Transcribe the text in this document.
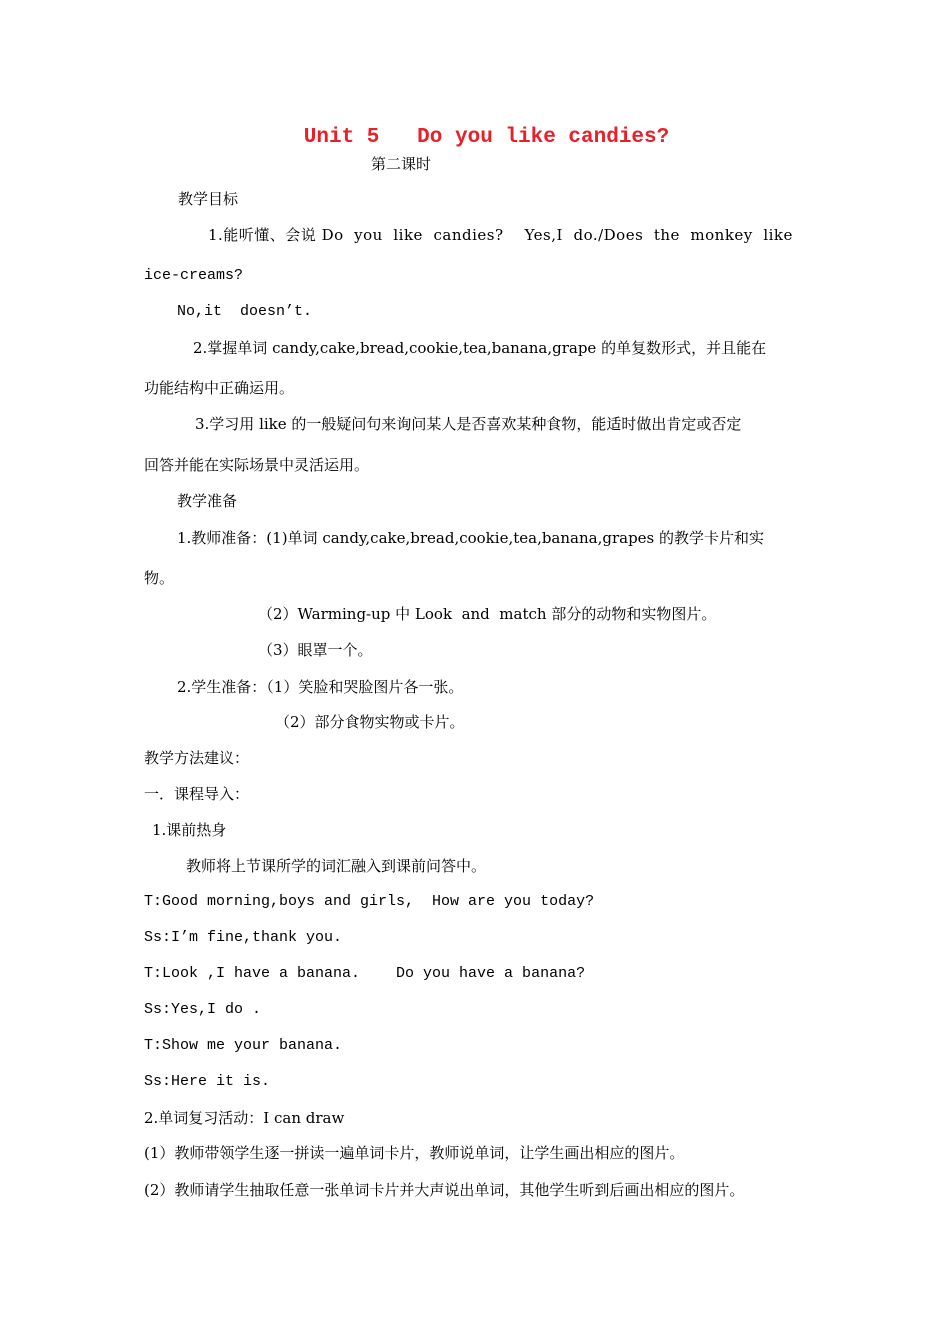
Unit 5   Do you like candies?
第二课时
教学目标
1.能听懂、会说 Do  you  like  candies?    Yes,I  do./Does  the  monkey  like
ice-creams?
No,it  doesn’t.
2.掌握单词 candy,cake,bread,cookie,tea,banana,grape 的单复数形式，并且能在
功能结构中正确运用。
3.学习用 like 的一般疑问句来询问某人是否喜欢某种食物，能适时做出肯定或否定
回答并能在实际场景中灵活运用。
教学准备
1.教师准备：(1)单词 candy,cake,bread,cookie,tea,banana,grapes 的教学卡片和实
物。
（2）Warming-up 中 Look  and  match 部分的动物和实物图片。
（3）眼罩一个。
2.学生准备：（1）笑脸和哭脸图片各一张。
（2）部分食物实物或卡片。
教学方法建议：
一．课程导入：
1.课前热身
教师将上节课所学的词汇融入到课前问答中。
T:Good morning,boys and girls,  How are you today?
Ss:I’m fine,thank you.
T:Look ,I have a banana.    Do you have a banana?
Ss:Yes,I do .
T:Show me your banana.
Ss:Here it is.
2.单词复习活动：I can draw
(1）教师带领学生逐一拼读一遍单词卡片，教师说单词，让学生画出相应的图片。
(2）教师请学生抽取任意一张单词卡片并大声说出单词，其他学生听到后画出相应的图片。
